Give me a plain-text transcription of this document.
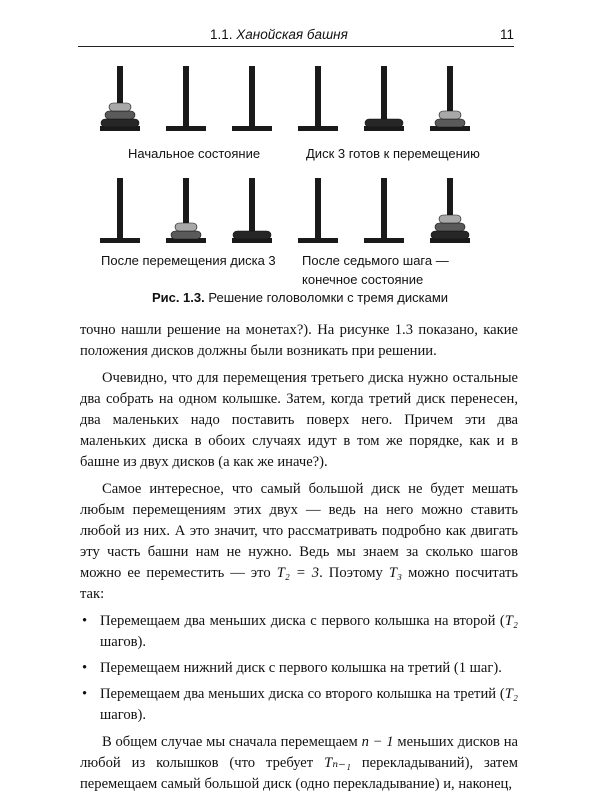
1.1. Ханойская башня	11
Начальное состояние	Диск 3 готов к перемещению
После перемещения диска 3 После седьмого шага —
конечное состояние
Рис. 1.3. Решение головоломки с тремя дисками

точно нашли решение на монетах?). На рисунке 1.3 показано, какие положения дисков должны были возникать при решении.

Очевидно, что для перемещения третьего диска нужно остальные два собрать на одном колышке. Затем, когда третий диск перенесен, два маленьких надо поставить поверх него. Причем эти два маленьких диска в обоих случаях идут в том же порядке, как и в башне из двух дисков (а как же иначе?).

Самое интересное, что самый большой диск не будет мешать любым перемещениям этих двух — ведь на него можно ставить любой из них. А это значит, что рассматривать подробно как двигать эту часть башни нам не нужно. Ведь мы знаем за сколько шагов можно ее переместить — это T₂ = 3. Поэтому T₃ можно посчитать так:

• Перемещаем два меньших диска с первого колышка на второй (T₂ шагов).
• Перемещаем нижний диск с первого колышка на третий (1 шаг).
• Перемещаем два меньших диска со второго колышка на третий (T₂ шагов).

В общем случае мы сначала перемещаем n − 1 меньших дисков на любой из колышков (что требует Tₙ₋₁ перекладываний), затем перемещаем самый большой диск (одно перекладывание) и, наконец,
